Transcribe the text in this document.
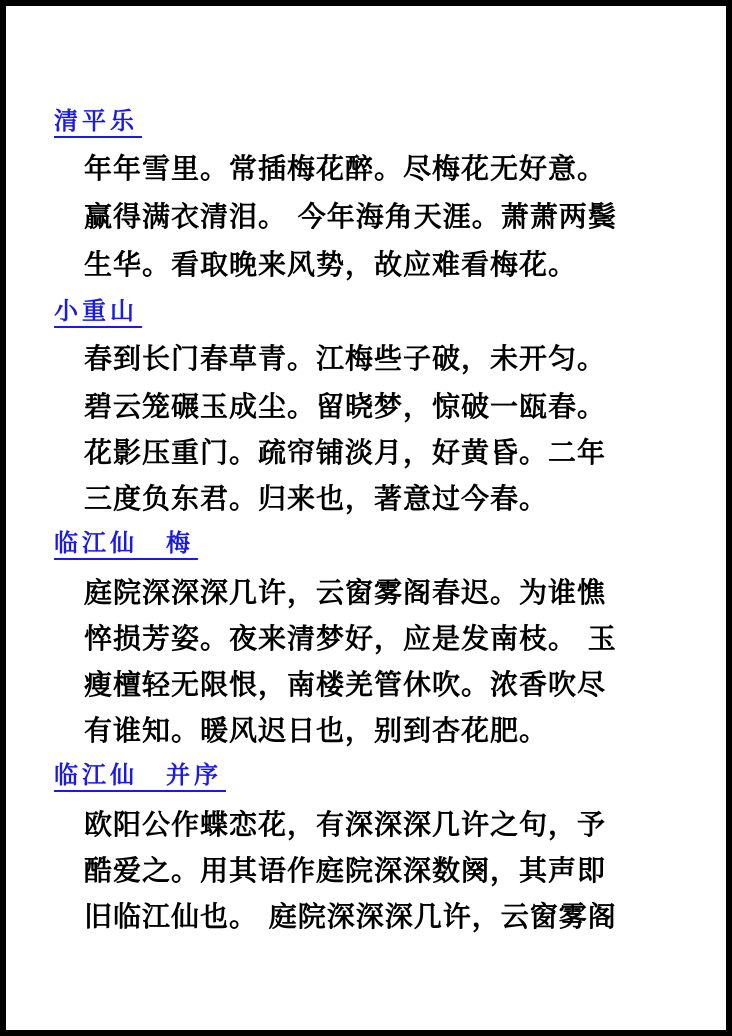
清平乐
年年雪里。常插梅花醉。尽梅花无好意。
赢得满衣清泪。 今年海角天涯。萧萧两鬓
生华。看取晚来风势，故应难看梅花。
小重山
春到长门春草青。江梅些子破，未开匀。
碧云笼碾玉成尘。留晓梦，惊破一瓯春。
花影压重门。疏帘铺淡月，好黄昏。二年
三度负东君。归来也，著意过今春。
临江仙　梅
庭院深深深几许，云窗雾阁春迟。为谁憔
悴损芳姿。夜来清梦好，应是发南枝。 玉
瘦檀轻无限恨，南楼羌管休吹。浓香吹尽
有谁知。暖风迟日也，别到杏花肥。
临江仙　并序
欧阳公作蝶恋花，有深深深几许之句，予
酷爱之。用其语作庭院深深数阕，其声即
旧临江仙也。 庭院深深深几许，云窗雾阁
